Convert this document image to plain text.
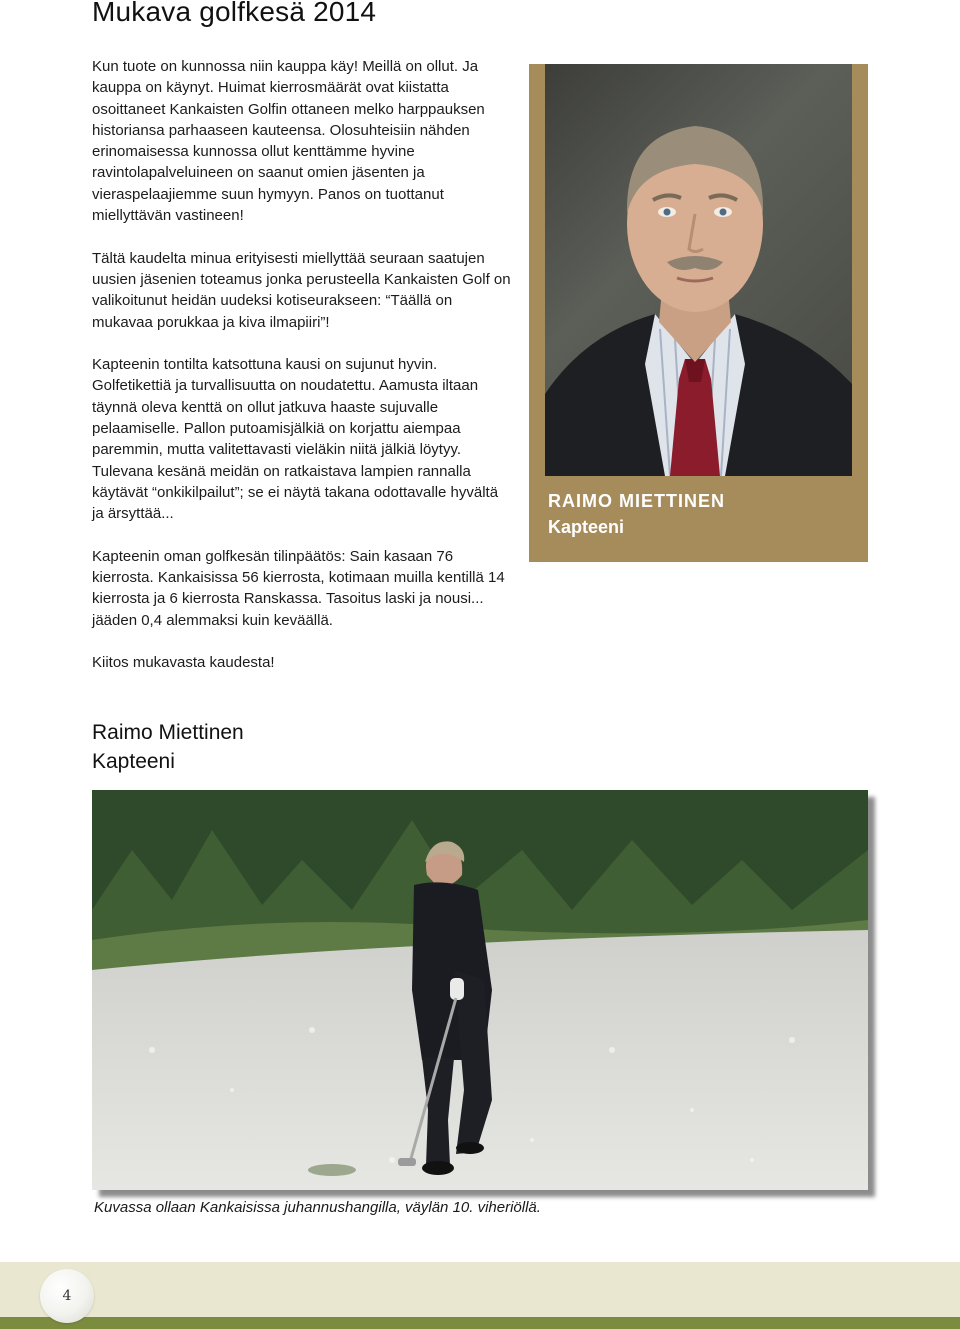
Mukava golfkesä 2014

Kun tuote on kunnossa niin kauppa käy! Meillä on ollut. Ja kauppa on käynyt. Huimat kierrosmäärät ovat kiistatta osoittaneet Kankaisten Golfin ottaneen melko harppauksen historiansa parhaaseen kauteensa. Olosuhteisiin nähden erinomaisessa kunnossa ollut kenttämme hyvine ravintolapalveluineen on saanut omien jäsenten ja vieraspelaajiemme suun hymyyn. Panos on tuottanut miellyttävän vastineen!

Tältä kaudelta minua erityisesti miellyttää seuraan saatujen uusien jäsenien toteamus jonka perusteella Kankaisten Golf on valikoitunut heidän uudeksi kotiseurakseen: “Täällä on mukavaa porukkaa ja kiva ilmapiiri”!

Kapteenin tontilta katsottuna kausi on sujunut hyvin. Golfetikettiä ja turvallisuutta on noudatettu. Aamusta iltaan täynnä oleva kenttä on ollut jatkuva haaste sujuvalle pelaamiselle. Pallon putoamisjälkiä on korjattu aiempaa paremmin, mutta valitettavasti vieläkin niitä jälkiä löytyy. Tulevana kesänä meidän on ratkaistava lampien rannalla käytävät “onkikilpailut”; se ei näytä takana odottavalle hyvältä ja ärsyttää...

Kapteenin oman golfkesän tilinpäätös: Sain kasaan 76 kierrosta. Kankaisissa 56 kierrosta, kotimaan muilla kentillä 14 kierrosta ja 6 kierrosta Ranskassa. Tasoitus laski ja nousi... jääden 0,4 alemmaksi kuin keväällä.

Kiitos mukavasta kaudesta!

Raimo Miettinen
Kapteeni
RAIMO MIETTINEN
Kapteeni
Kuvassa ollaan Kankaisissa juhannushangilla, väylän 10. viheriöllä.
4
